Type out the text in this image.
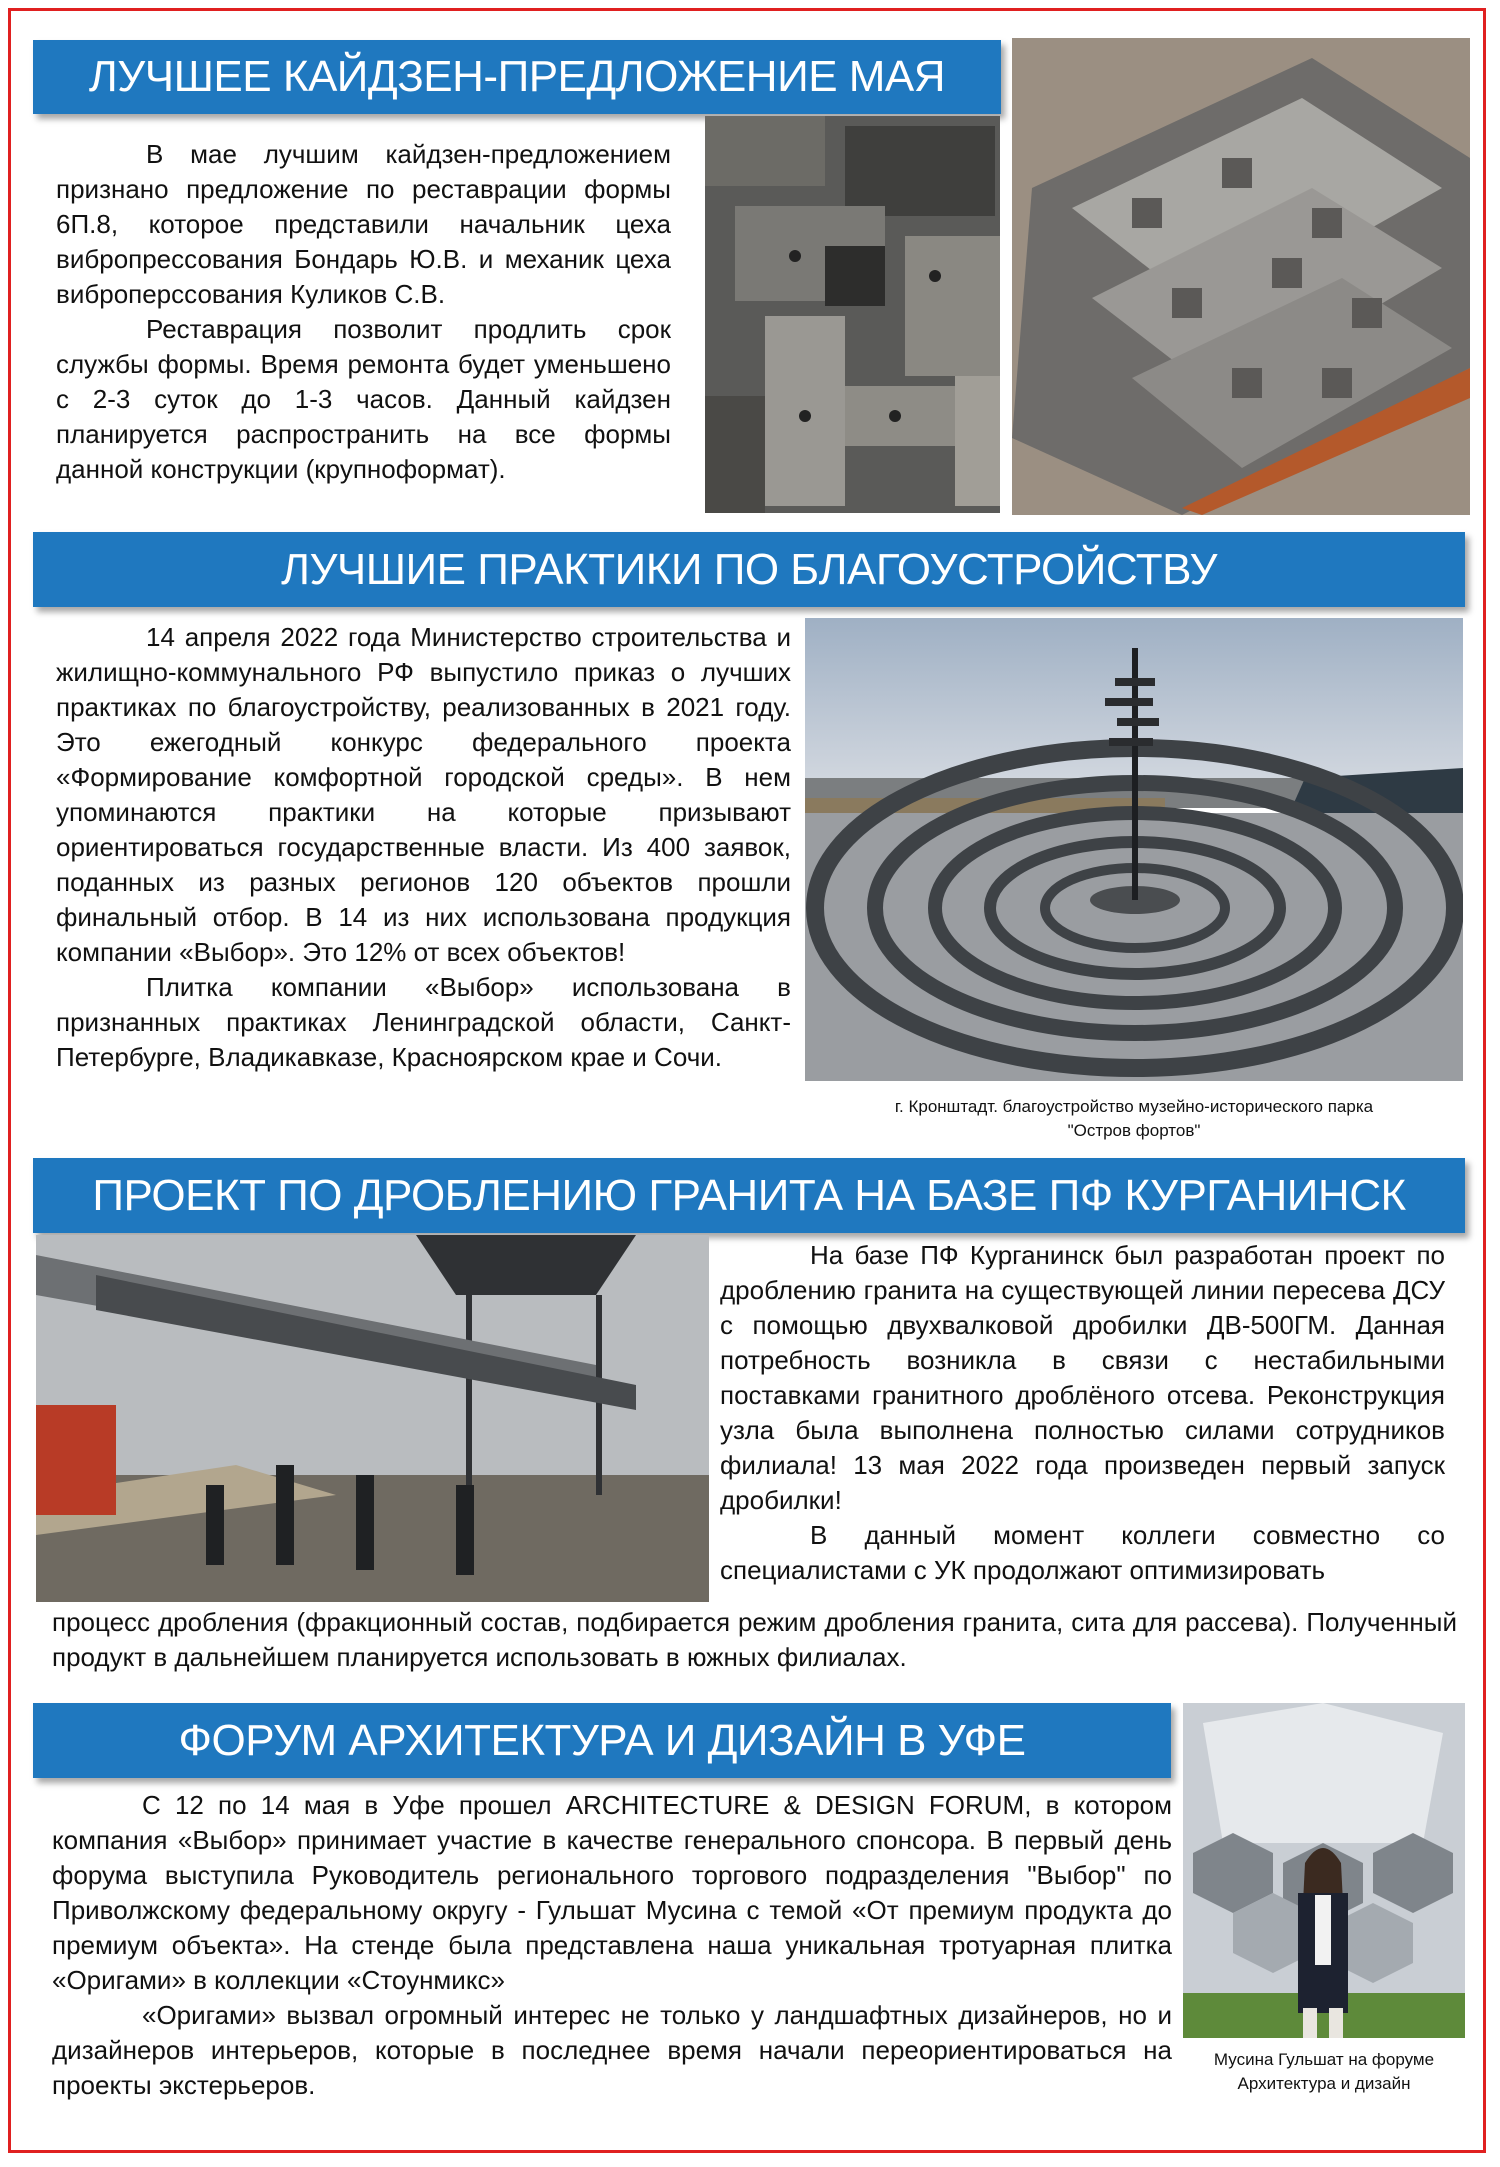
ЛУЧШЕЕ КАЙДЗЕН-ПРЕДЛОЖЕНИЕ МАЯ

В мае лучшим кайдзен-предложением признано предложение по реставрации формы 6П.8, которое представили начальник цеха вибропрессования Бондарь Ю.В. и механик цеха виброперссования Куликов С.В.

Реставрация позволит продлить срок службы формы. Время ремонта будет уменьшено с 2-3 суток до 1-3 часов. Данный кайдзен планируется распространить на все формы данной конструкции (крупноформат).

ЛУЧШИЕ ПРАКТИКИ ПО БЛАГОУСТРОЙСТВУ

14 апреля 2022 года Министерство строительства и жилищно-коммунального РФ выпустило приказ о лучших практиках по благоустройству, реализованных в 2021 году. Это ежегодный конкурс федерального проекта «Формирование комфортной городской среды». В нем упоминаются практики на которые призывают ориентироваться государственные власти. Из 400 заявок, поданных из разных регионов 120 объектов прошли финальный отбор. В 14 из них использована продукция компании «Выбор». Это 12% от всех объектов!

Плитка компании «Выбор» использована в признанных практиках Ленинградской области, Санкт-Петербурге, Владикавказе, Красноярском крае и Сочи.

г. Кронштадт. благоустройство музейно-исторического парка
"Остров фортов"
ПРОЕКТ ПО ДРОБЛЕНИЮ ГРАНИТА НА БАЗЕ ПФ КУРГАНИНСК

На базе ПФ Курганинск был разработан проект по дроблению гранита на существующей линии пересева ДСУ с помощью двухвалковой дробилки ДВ-500ГМ. Данная потребность возникла в связи с нестабильными поставками гранитного дроблёного отсева. Реконструкция узла была выполнена полностью силами сотрудников филиала! 13 мая 2022 года произведен первый запуск дробилки!

В данный момент коллеги совместно со специалистами с УК продолжают оптимизировать

процесс дробления (фракционный состав, подбирается режим дробления гранита, сита для рассева). Полученный продукт в дальнейшем планируется использовать в южных филиалах.

ФОРУМ АРХИТЕКТУРА И ДИЗАЙН В УФЕ

С 12 по 14 мая в Уфе прошел ARCHITECTURE & DESIGN FORUM, в котором компания «Выбор» принимает участие в качестве генерального спонсора. В первый день форума выступила Руководитель регионального торгового подразделения "Выбор" по Приволжскому федеральному округу - Гульшат Мусина с темой «От премиум продукта до премиум объекта». На стенде была представлена наша уникальная тротуарная плитка «Оригами» в коллекции «Стоунмикс»

«Оригами» вызвал огромный интерес не только у ландшафтных дизайнеров, но и дизайнеров интерьеров, которые в последнее время начали переориентироваться на проекты экстерьеров.

Мусина Гульшат на форуме
Архитектура и дизайн
